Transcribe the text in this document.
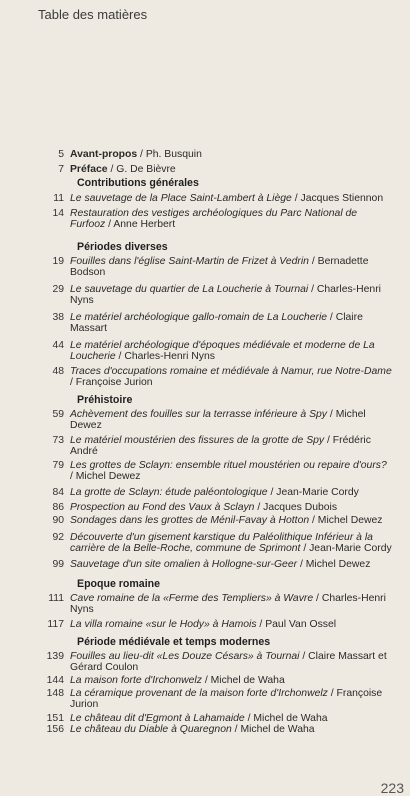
Table des matières
5 Avant-propos / Ph. Busquin
7 Préface / G. De Bièvre
Contributions générales
11 Le sauvetage de la Place Saint-Lambert à Liège / Jacques Stiennon
14 Restauration des vestiges archéologiques du Parc National de Furfooz / Anne Herbert
Périodes diverses
19 Fouilles dans l'église Saint-Martin de Frizet à Vedrin / Bernadette Bodson
29 Le sauvetage du quartier de La Loucherie à Tournai / Charles-Henri Nyns
38 Le matériel archéologique gallo-romain de La Loucherie / Claire Massart
44 Le matériel archéologique d'époques médiévale et moderne de La Loucherie / Charles-Henri Nyns
48 Traces d'occupations romaine et médiévale à Namur, rue Notre-Dame / Françoise Jurion
Préhistoire
59 Achèvement des fouilles sur la terrasse inférieure à Spy / Michel Dewez
73 Le matériel moustérien des fissures de la grotte de Spy / Frédéric André
79 Les grottes de Sclayn: ensemble rituel moustérien ou repaire d'ours? / Michel Dewez
84 La grotte de Sclayn: étude paléontologique / Jean-Marie Cordy
86 Prospection au Fond des Vaux à Sclayn / Jacques Dubois
90 Sondages dans les grottes de Ménil-Favay à Hotton / Michel Dewez
92 Découverte d'un gisement karstique du Paléolithique Inférieur à la carrière de la Belle-Roche, commune de Sprimont / Jean-Marie Cordy
99 Sauvetage d'un site omalien à Hollogne-sur-Geer / Michel Dewez
Epoque romaine
111 Cave romaine de la «Ferme des Templiers» à Wavre / Charles-Henri Nyns
117 La villa romaine «sur le Hody» à Hamois / Paul Van Ossel
Période médiévale et temps modernes
139 Fouilles au lieu-dit «Les Douze Césars» à Tournai / Claire Massart et Gérard Coulon
144 La maison forte d'Irchonwelz / Michel de Waha
148 La céramique provenant de la maison forte d'Irchonwelz / Françoise Jurion
151 Le château dit d'Egmont à Lahamaide / Michel de Waha
156 Le château du Diable à Quaregnon / Michel de Waha
223
